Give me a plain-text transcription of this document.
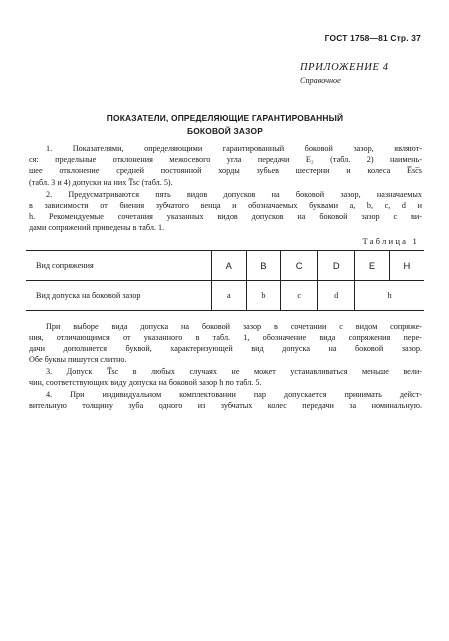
ГОСТ 1758—81 Стр. 37
ПРИЛОЖЕНИЕ 4
Справочное
ПОКАЗАТЕЛИ, ОПРЕДЕЛЯЮЩИЕ ГАРАНТИРОВАННЫЙ
БОКОВОЙ ЗАЗОР
1. Показателями, определяющими гарантированный боковой зазор, являют-
ся: предельные отклонения межосевого угла передачи E₂ (табл. 2) наимень-
шее отклонение средней постоянной хорды зубьев шестерни и колеса E̅sc̅s
(табл. 3 и 4) допуски на них T̅sc (табл. 5).
2. Предусматриваются пять видов допусков на боковой зазор, назначаемых
в зависимости от биения зубчатого венца и обозначаемых буквами a, b, c, d и
h. Рекомендуемые сочетания указанных видов допусков на боковой зазор с ви-
дами сопряжений приведены в табл. 1.
Таблица 1
Вид сопряжения	A	B	C	D	E	H
Вид допуска на боковой зазор	a	b	c	d	h	
При выборе вида допуска на боковой зазор в сочетании с видом сопряже-
ния, отличающимся от указанного в табл. 1, обозначение вида сопряжения пере-
дачи дополняется буквой, характеризующей вид допуска на боковой зазор.
Обе буквы пишутся слитно.
3. Допуск T̅sc в любых случаях не может устанавливаться меньше вели-
чин, соответствующих виду допуска на боковой зазор h по табл. 5.
4. При индивидуальном комплектовании пар допускается принимать дейст-
вительную толщину зуба одного из зубчатых колес передачи за номинальную.
